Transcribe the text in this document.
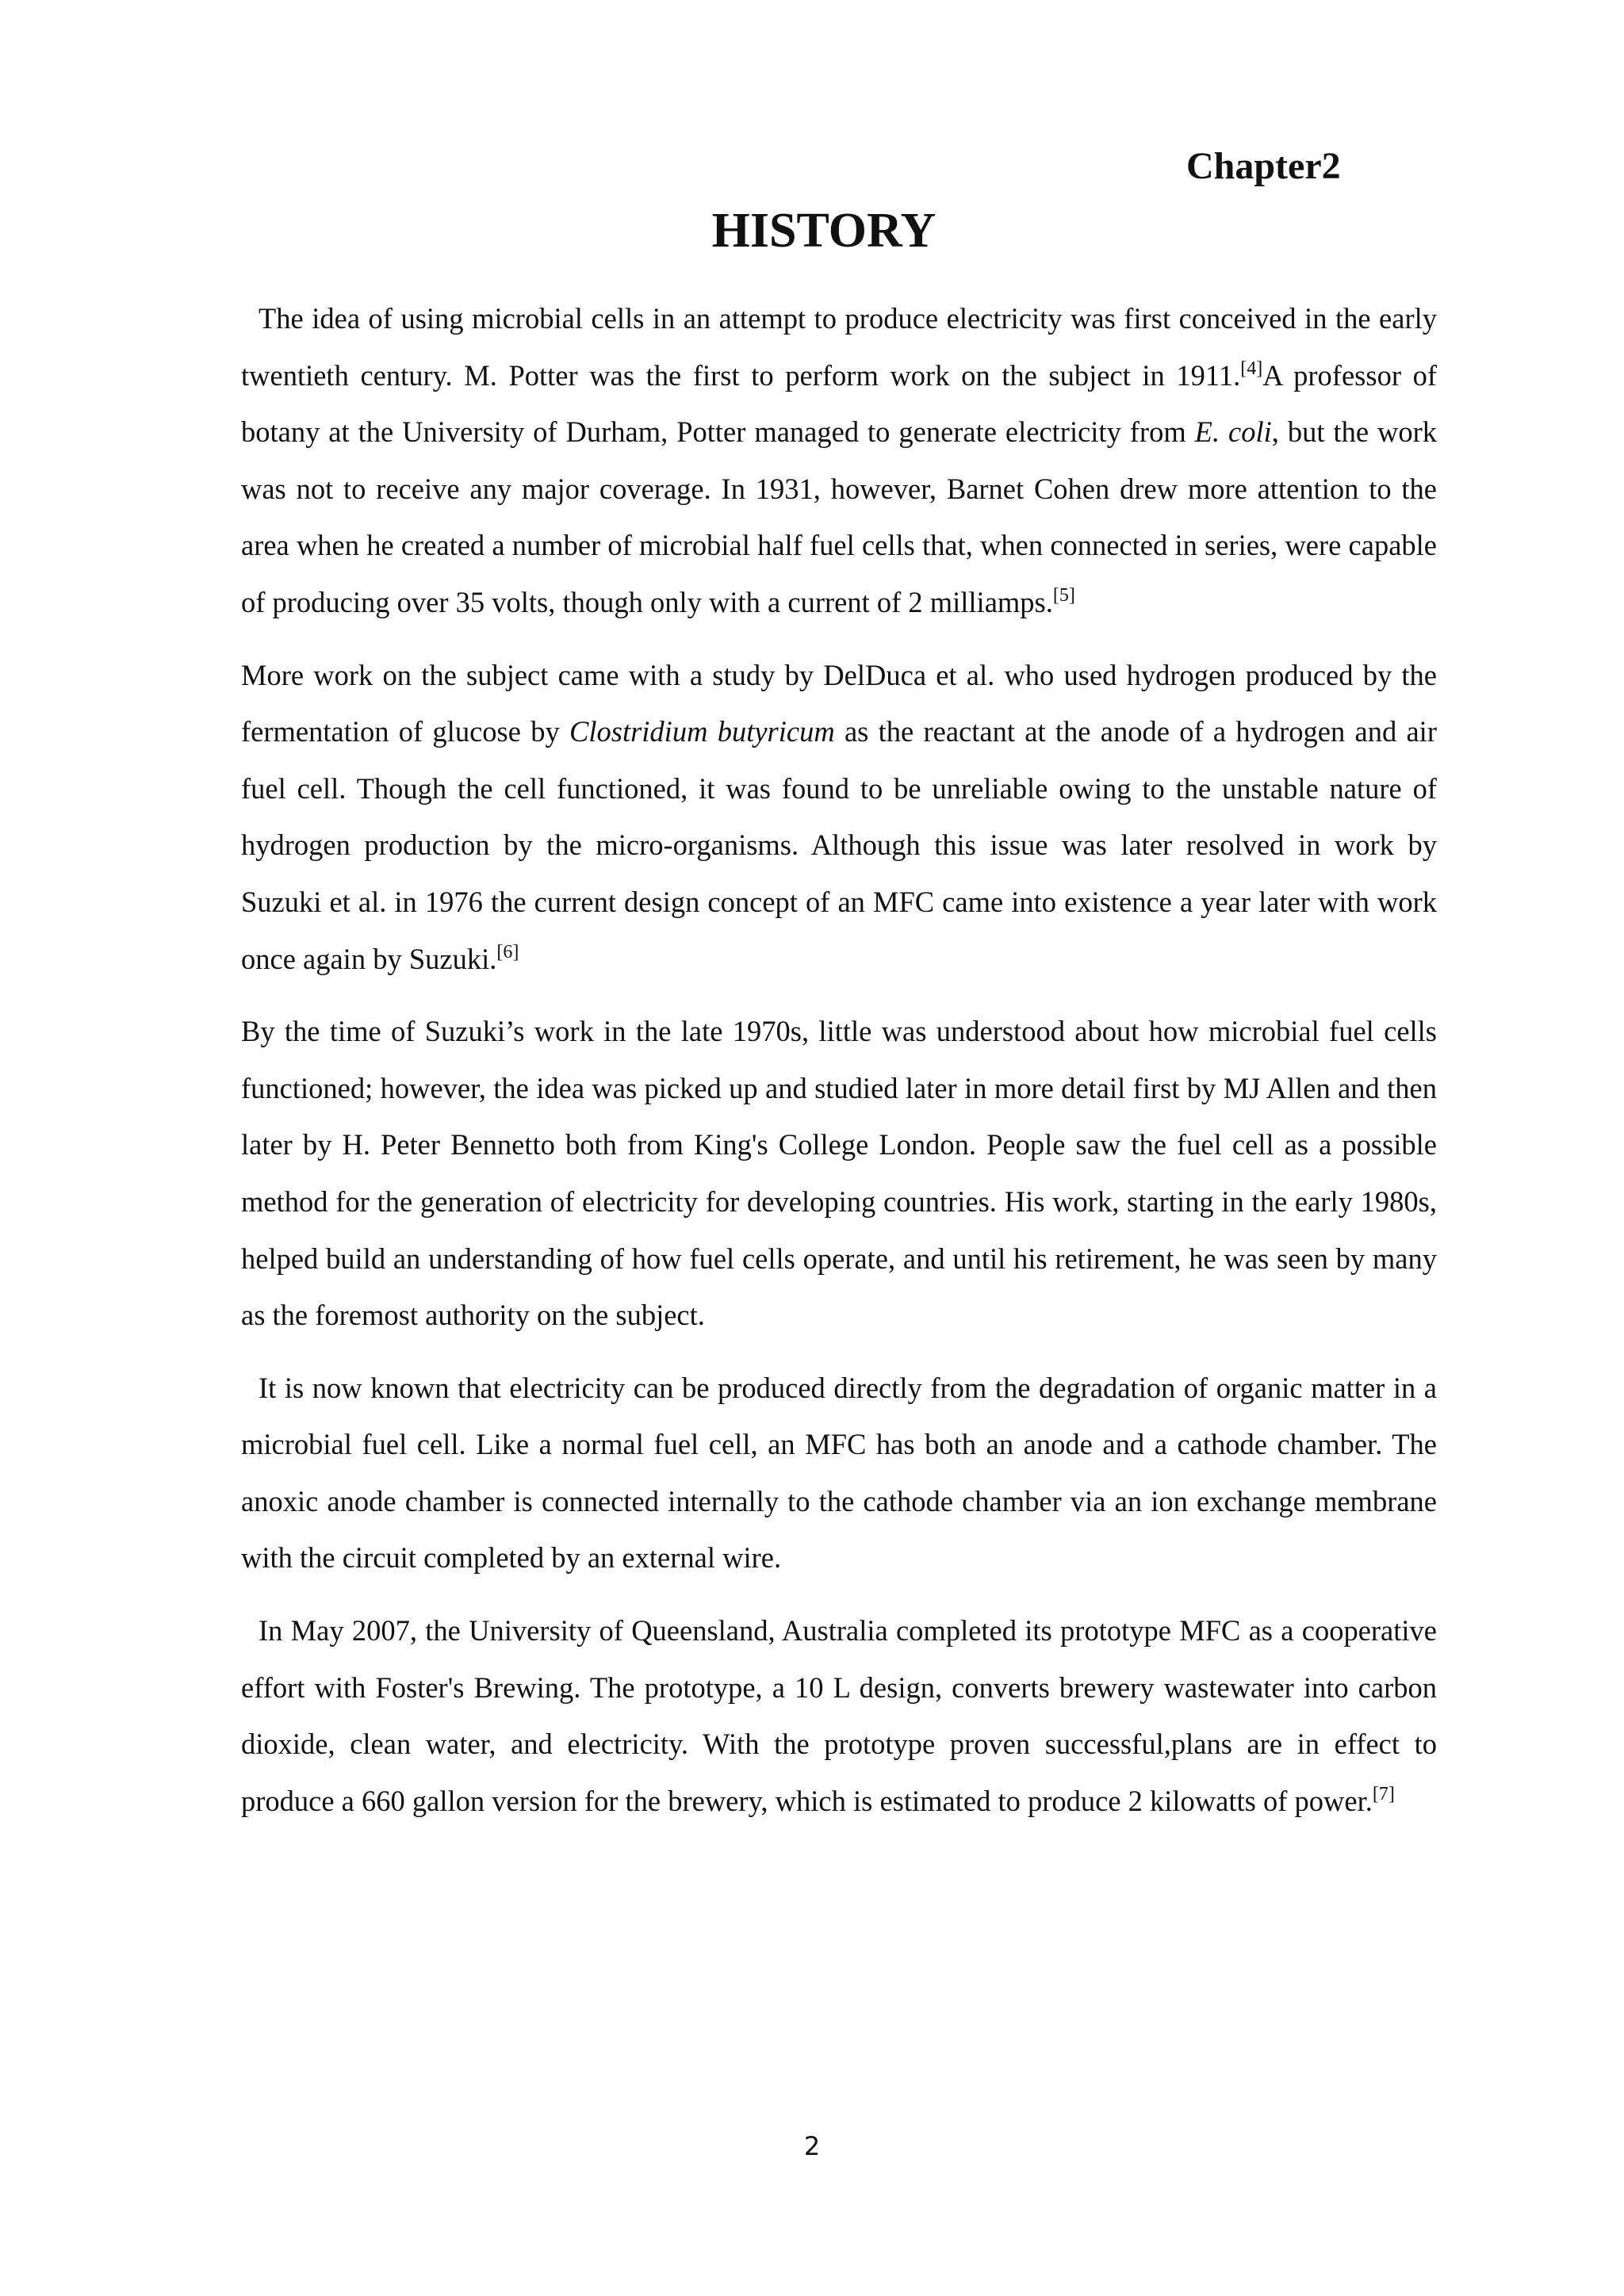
Chapter2
HISTORY

The idea of using microbial cells in an attempt to produce electricity was first conceived in the early twentieth century. M. Potter was the first to perform work on the subject in 1911.[4]A professor of botany at the University of Durham, Potter managed to generate electricity from E. coli, but the work was not to receive any major coverage. In 1931, however, Barnet Cohen drew more attention to the area when he created a number of microbial half fuel cells that, when connected in series, were capable of producing over 35 volts, though only with a current of 2 milliamps.[5]

More work on the subject came with a study by DelDuca et al. who used hydrogen produced by the fermentation of glucose by Clostridium butyricum as the reactant at the anode of a hydrogen and air fuel cell. Though the cell functioned, it was found to be unreliable owing to the unstable nature of hydrogen production by the micro-organisms. Although this issue was later resolved in work by Suzuki et al. in 1976 the current design concept of an MFC came into existence a year later with work once again by Suzuki.[6]

By the time of Suzuki’s work in the late 1970s, little was understood about how microbial fuel cells functioned; however, the idea was picked up and studied later in more detail first by MJ Allen and then later by H. Peter Bennetto both from King's College London. People saw the fuel cell as a possible method for the generation of electricity for developing countries. His work, starting in the early 1980s, helped build an understanding of how fuel cells operate, and until his retirement, he was seen by many as the foremost authority on the subject.

It is now known that electricity can be produced directly from the degradation of organic matter in a microbial fuel cell. Like a normal fuel cell, an MFC has both an anode and a cathode chamber. The anoxic anode chamber is connected internally to the cathode chamber via an ion exchange membrane with the circuit completed by an external wire.

In May 2007, the University of Queensland, Australia completed its prototype MFC as a cooperative effort with Foster's Brewing. The prototype, a 10 L design, converts brewery wastewater into carbon dioxide, clean water, and electricity. With the prototype proven successful,plans are in effect to produce a 660 gallon version for the brewery, which is estimated to produce 2 kilowatts of power.[7]

2
